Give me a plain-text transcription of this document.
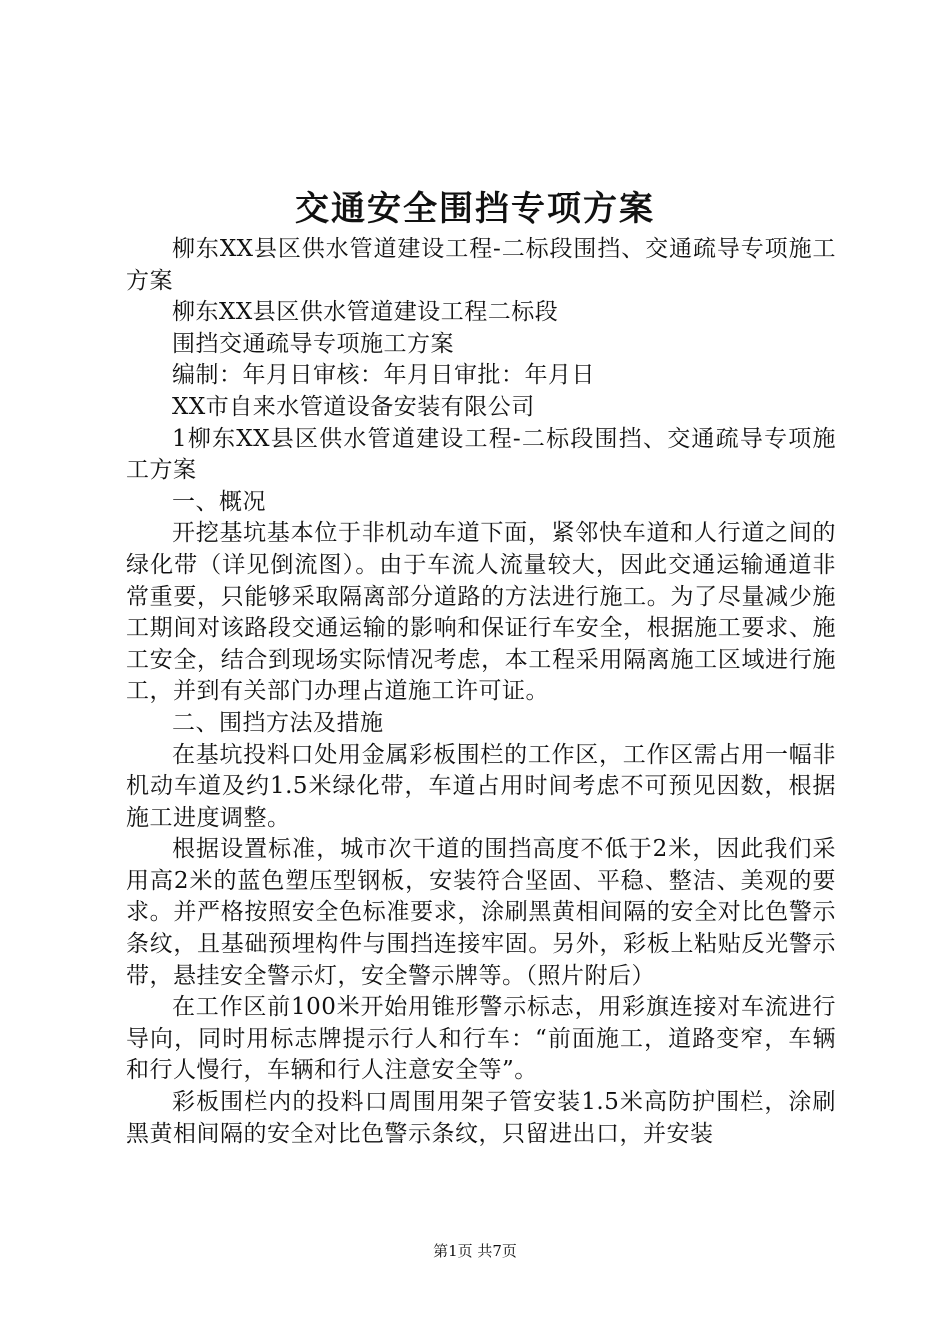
交通安全围挡专项方案

柳东XX县区供水管道建设工程-二标段围挡、交通疏导专项施工方案

柳东XX县区供水管道建设工程二标段

围挡交通疏导专项施工方案

编制：年月日审核：年月日审批：年月日

XX市自来水管道设备安装有限公司

1柳东XX县区供水管道建设工程-二标段围挡、交通疏导专项施工方案

一、概况

开挖基坑基本位于非机动车道下面，紧邻快车道和人行道之间的绿化带（详见倒流图）。由于车流人流量较大，因此交通运输通道非常重要，只能够采取隔离部分道路的方法进行施工。为了尽量减少施工期间对该路段交通运输的影响和保证行车安全，根据施工要求、施工安全，结合到现场实际情况考虑，本工程采用隔离施工区域进行施工，并到有关部门办理占道施工许可证。

二、围挡方法及措施

在基坑投料口处用金属彩板围栏的工作区，工作区需占用一幅非机动车道及约1.5米绿化带，车道占用时间考虑不可预见因数，根据施工进度调整。

根据设置标准，城市次干道的围挡高度不低于2米，因此我们采用高2米的蓝色塑压型钢板，安装符合坚固、平稳、整洁、美观的要求。并严格按照安全色标准要求，涂刷黑黄相间隔的安全对比色警示条纹，且基础预埋构件与围挡连接牢固。另外，彩板上粘贴反光警示带，悬挂安全警示灯，安全警示牌等。（照片附后）

在工作区前100米开始用锥形警示标志，用彩旗连接对车流进行导向，同时用标志牌提示行人和行车：“前面施工，道路变窄，车辆和行人慢行，车辆和行人注意安全等”。

彩板围栏内的投料口周围用架子管安装1.5米高防护围栏，涂刷黑黄相间隔的安全对比色警示条纹，只留进出口，并安装

第1页 共7页
